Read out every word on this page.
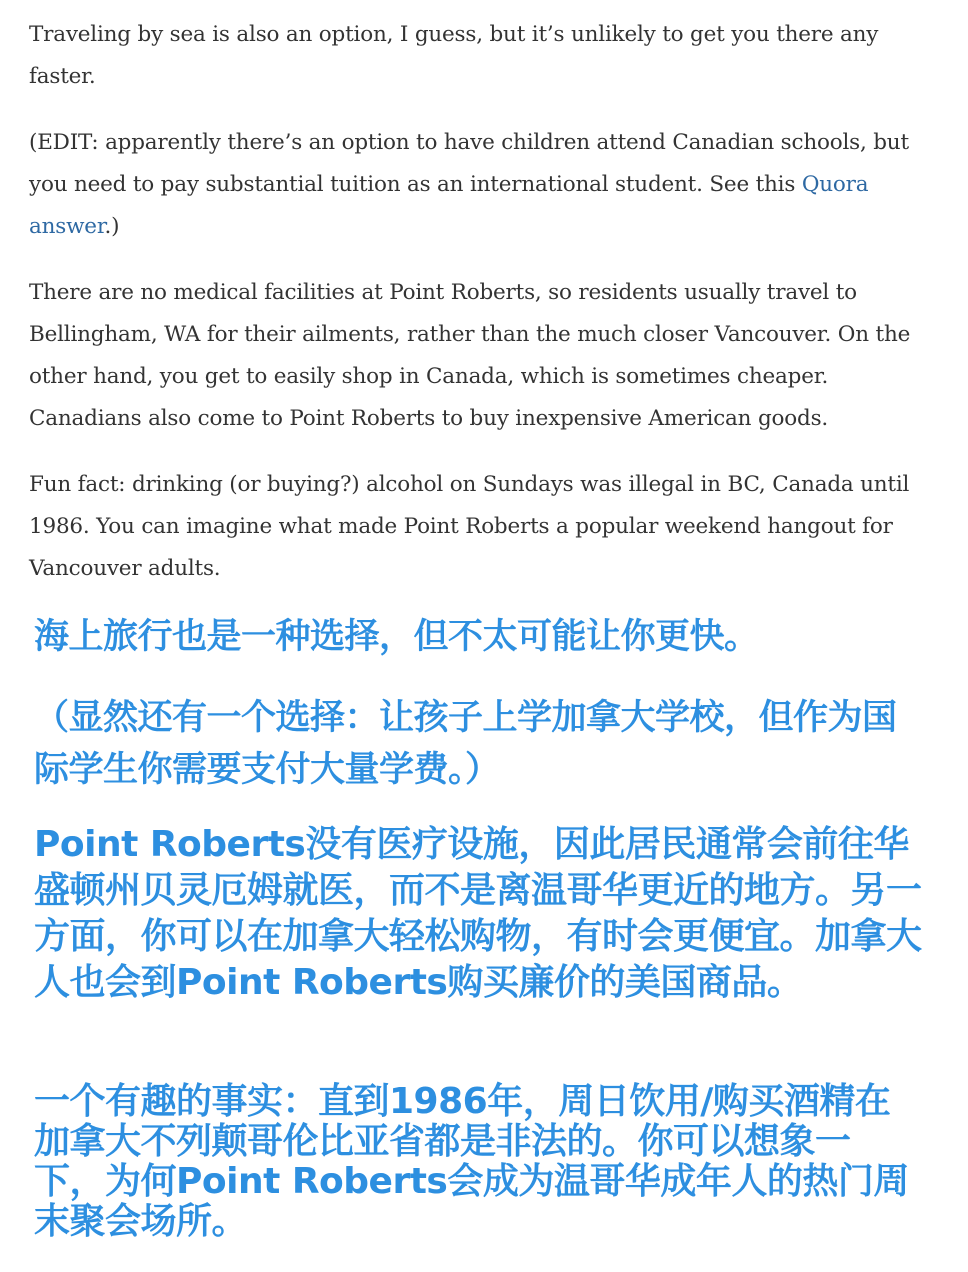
Traveling by sea is also an option, I guess, but it’s unlikely to get you there any faster.

(EDIT: apparently there’s an option to have children attend Canadian schools, but you need to pay substantial tuition as an international student. See this Quora answer.)

There are no medical facilities at Point Roberts, so residents usually travel to Bellingham, WA for their ailments, rather than the much closer Vancouver. On the other hand, you get to easily shop in Canada, which is sometimes cheaper. Canadians also come to Point Roberts to buy inexpensive American goods.

Fun fact: drinking (or buying?) alcohol on Sundays was illegal in BC, Canada until 1986. You can imagine what made Point Roberts a popular weekend hangout for Vancouver adults.

海上旅行也是一种选择，但不太可能让你更快。
（显然还有一个选择：让孩子上学加拿大学校，但作为国际学生你需要支付大量学费。）
Point Roberts没有医疗设施，因此居民通常会前往华盛顿州贝灵厄姆就医，而不是离温哥华更近的地方。另一方面，你可以在加拿大轻松购物，有时会更便宜。加拿大人也会到Point Roberts购买廉价的美国商品。
一个有趣的事实：直到1986年，周日饮用/购买酒精在加拿大不列颠哥伦比亚省都是非法的。你可以想象一下，为何Point Roberts会成为温哥华成年人的热门周末聚会场所。
